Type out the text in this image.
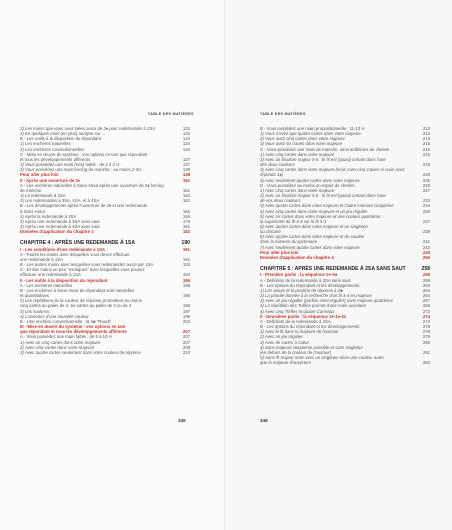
TABLE DES MATIÈRES
2) Les mains que vous avez niées aussi de 2♠ pour redemander à 2SA	132
3) En quelques mots (en plus) analyse sur …	132
B - Les outils à la disposition du répondant	134
1) Les enchères naturelles	134
2) Les enchères conventionnelles	134
C - Mise en œuvre du système : vos options en tant que répondant
et tous les développements afférents	137
1) Vous possédez une main (très) faible : de 0 à 2 H	137
2) Vous possédez une main forcing de manche : au moins 2-3H	139
Pour aller plus loin	148
II - Après une ouverture de 2♦	161
A - Les enchères naturelles à Sans-Atout après une ouverture de 2♦ forcing
de manche	161
1) La redemande à 2SA	162
2) Les redemandes à 3SA, 4SA, et à 4SA	163
B - Les développements après l'ouverture de 2♦ et une redemande
à Sans-Atout	166
1) Après la redemande à 2SA	166
2) Après une redemande à 3SA sans saut	179
3) Après une redemande à 4SA avec saut	181
Données d'application du chapitre 3	182
CHAPITRE 4 : APRÈS UNE REDEMANDE À 1SA	190
I - Les conditions d'une redemande à 1SA	191
A - Toutes les mains avec lesquelles vous devez effectuer
une redemande à 1SA	191
B - Les autres mains avec lesquelles vous redemandez aussi par 1SA	193
C - Et des mains un peu "exotiques" avec lesquelles vous pouvez
effectuer une redemande à 1SA	194
II - Les outils à la disposition du répondant	196
A - Les enchères naturelles	196
B - Les enchères à Sans-Atout du répondant sont naturelles
et quantitatives	196
2) Les répétitions de la couleur de réponse promettent au moins
cinq cartes au palier de 2, six cartes au palier de 3 ou de 4	196
3) Les soutiens	197
4) L'annonce d'une nouvelle couleur	199
B - Une enchère conventionnelle : la 3♣ "Roudi"	202
III - Mise en œuvre du système : vos options en tant
que répondant et tous les développements afférents	207
A - Vous possédez une main faible : de 6 à 10 H	207
1) Avec un cinq cartes dans votre majeure	207
2) Avec cinq cartes dans votre majeure	208
3) Avec quatre cartes seulement dans votre couleur de réponse	210
345
TABLE DES MATIÈRES
B - Vous possédez une main propositionnelle : 11-13 H	212
1) Vous n'avez que quatre cartes dans votre majeure	212
2) Vous avez cinq cartes dans votre majeure	213
3) Vous avez six cartes dans votre majeure	215
C - Vous possédez une main de manche, sans ambitions de chelem	216
1) Avec cinq cartes dans votre majeure	216
2) Avec un bicolore majeur 5-5 : le fit est (quasi) certain dans l'une
des deux couleurs	219
3) Avec cinq cartes dans votre majeure (mais sans cinq Cœurs si vous avez
répondu 1♠)	220
4) Avec seulement quatre cartes dans votre majeure	226
D - Vous possédez au moins un espoir de chelem	226
1) Avec cinq cartes dans votre majeure	227
2) Avec un bicolore majeur 5-5 : le fit est (quasi) certain dans l'une
de vos deux couleurs	233
3) Avec quatre cartes dans votre majeure et l'autre mineure cinquième	234
4) Avec cinq cartes dans votre majeure et un jeu régulier	236
5) Avec six cartes dans votre majeure et une couleur quatrième :
la supériorité du fit 4-4 sur le fit 5-3	237
6) Avec quatre cartes dans votre majeure et un singleton
ou chicane	238
8) Avec quatre cartes dans votre majeure et du soutien
dans la mineure du partenaire	241
7) Avec seulement quatre cartes dans votre majeure	242
Pour aller plus loin	240
Données d'application du chapitre 4	250
CHAPITRE 5 : APRÈS UNE REDEMANDE À 2SA SANS SAUT	258
I - Première partie : la séquence 1♥-2♣	259
A - Définition de la redemande à 2SA sans saut	259
B - Les options du répondant et les développements	263
1) Les atouts et la position de réponse à 2♣	264
2) La priorité donnée à la recherche d'un fit 4-4 en majeure	264
3) Avec un jeu régulier (parfois semi-régulier) sans majeure quatrième	267
4) La répétition des Trèfles promet d'une main unicolore	269
4) Avec cinq Trèfles et quatre Carreaux	272
II - Deuxième partie : la séquence 1♥-1♠-2x	274
A - Définition de la redemande à 2SA	274
B - Les options du répondant et les développements	276
1) Avec le fit dans la majeure de l'ouvreur	278
2) Avec un jeu régulier	279
3) Avec de cartes à Cœur	280
4) Sans majeure cinquième possible et sans singleton
(en dehors de la couleur de l'ouvreur)	281
5) Sans fit majeur mais avec un singleton dans une couleur autre
que la majeure d'ouverture	282
346
